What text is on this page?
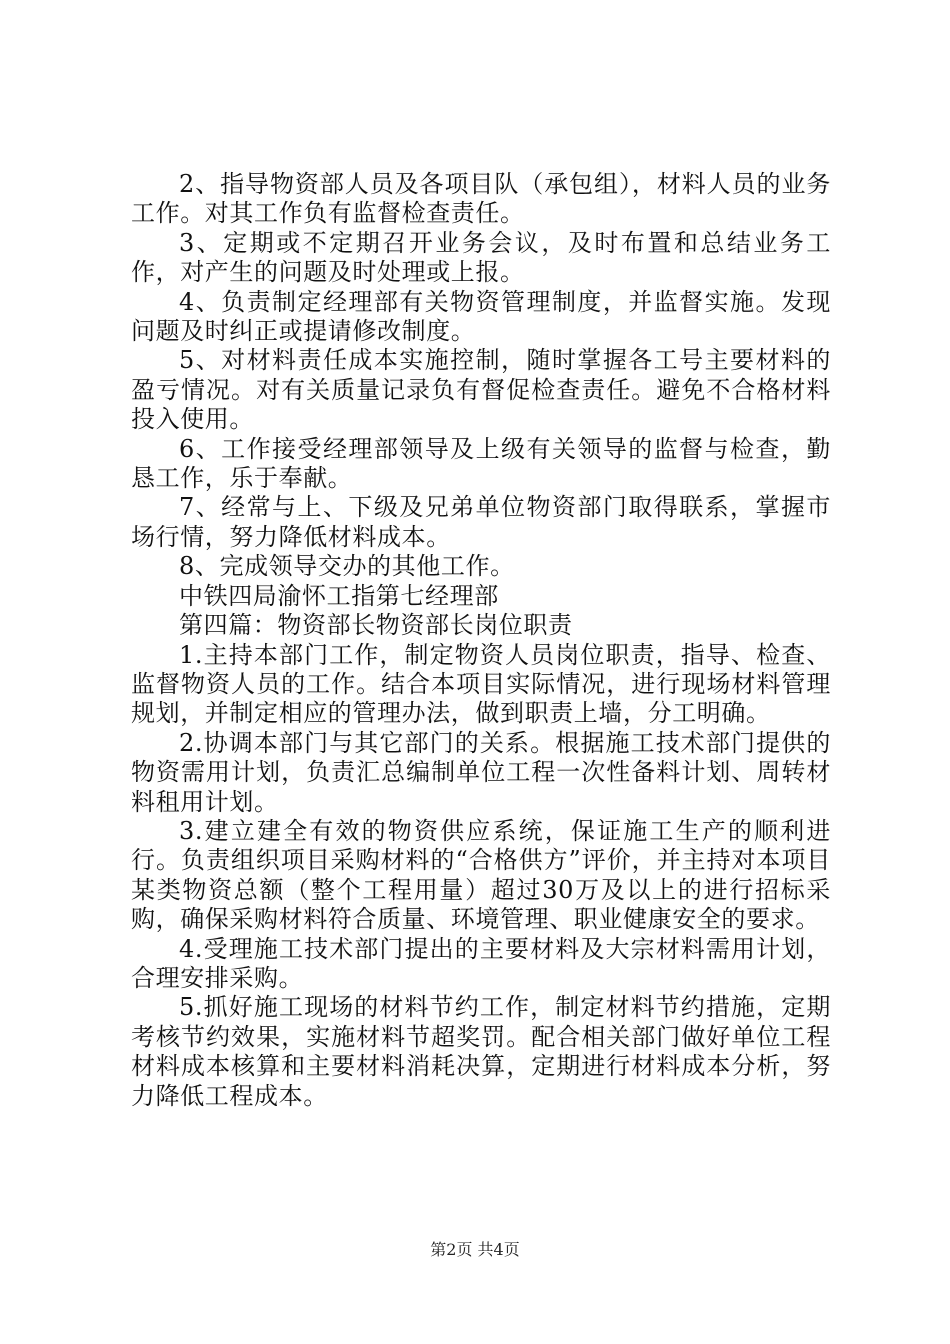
2、指导物资部人员及各项目队（承包组），材料人员的业务工作。对其工作负有监督检查责任。

3、定期或不定期召开业务会议，及时布置和总结业务工作，对产生的问题及时处理或上报。

4、负责制定经理部有关物资管理制度，并监督实施。发现问题及时纠正或提请修改制度。

5、对材料责任成本实施控制，随时掌握各工号主要材料的盈亏情况。对有关质量记录负有督促检查责任。避免不合格材料投入使用。

6、工作接受经理部领导及上级有关领导的监督与检查，勤恳工作，乐于奉献。

7、经常与上、下级及兄弟单位物资部门取得联系，掌握市场行情，努力降低材料成本。

8、完成领导交办的其他工作。

中铁四局渝怀工指第七经理部

第四篇：物资部长物资部长岗位职责

1.主持本部门工作，制定物资人员岗位职责，指导、检查、监督物资人员的工作。结合本项目实际情况，进行现场材料管理规划，并制定相应的管理办法，做到职责上墙，分工明确。

2.协调本部门与其它部门的关系。根据施工技术部门提供的物资需用计划，负责汇总编制单位工程一次性备料计划、周转材料租用计划。

3.建立建全有效的物资供应系统，保证施工生产的顺利进行。负责组织项目采购材料的“合格供方”评价，并主持对本项目某类物资总额（整个工程用量）超过30万及以上的进行招标采购，确保采购材料符合质量、环境管理、职业健康安全的要求。

4.受理施工技术部门提出的主要材料及大宗材料需用计划，合理安排采购。

5.抓好施工现场的材料节约工作，制定材料节约措施，定期考核节约效果，实施材料节超奖罚。配合相关部门做好单位工程材料成本核算和主要材料消耗决算，定期进行材料成本分析，努力降低工程成本。

第2页 共4页
